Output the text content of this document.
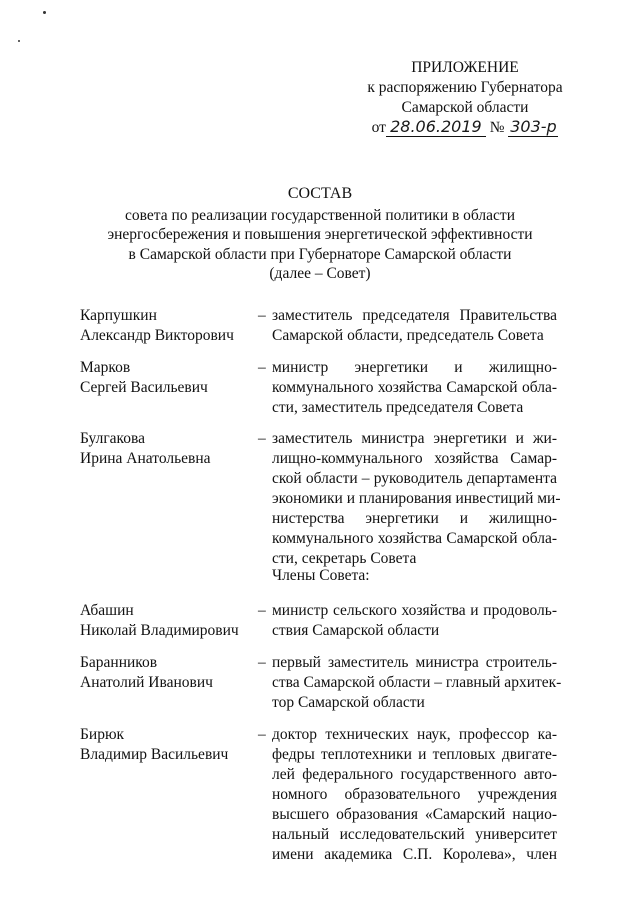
ПРИЛОЖЕНИЕ
к распоряжению Губернатора
Самарской области
от 28.06.2019 № 303-р
СОСТАВ
совета по реализации государственной политики в области
энергосбережения и повышения энергетической эффективности
в Самарской области при Губернаторе Самарской области
(далее – Совет)
Карпушкин
Александр Викторович
– заместитель председателя Правительства
Самарской области, председатель Совета
Марков
Сергей Васильевич
– министр энергетики и жилищно-
коммунального хозяйства Самарской обла-
сти, заместитель председателя Совета
Булгакова
Ирина Анатольевна
– заместитель министра энергетики и жи-
лищно-коммунального хозяйства Самар-
ской области – руководитель департамента
экономики и планирования инвестиций ми-
нистерства энергетики и жилищно-
коммунального хозяйства Самарской обла-
сти, секретарь Совета
Члены Совета:
Абашин
Николай Владимирович
– министр сельского хозяйства и продоволь-
ствия Самарской области
Баранников
Анатолий Иванович
– первый заместитель министра строитель-
ства Самарской области – главный архитек-
тор Самарской области
Бирюк
Владимир Васильевич
– доктор технических наук, профессор ка-
федры теплотехники и тепловых двигате-
лей федерального государственного авто-
номного образовательного учреждения
высшего образования «Самарский нацио-
нальный исследовательский университет
имени академика С.П. Королева», член
